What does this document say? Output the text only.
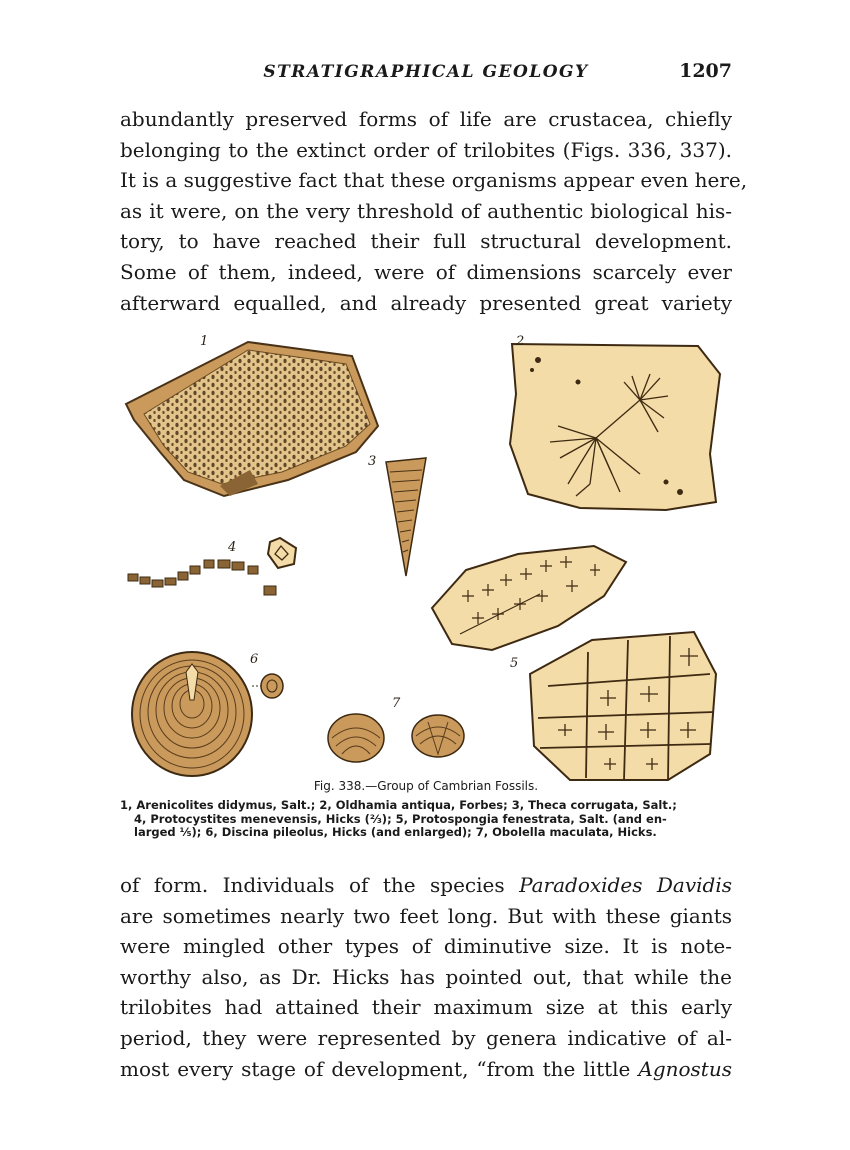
STRATIGRAPHICAL GEOLOGY	1207

abundantly preserved forms of life are crustacea, chiefly
belonging to the extinct order of trilobites (Figs. 336, 337).
It is a suggestive fact that these organisms appear even here,
as it were, on the very threshold of authentic biological his-
tory, to have reached their full structural development.
Some of them, indeed, were of dimensions scarcely ever
afterward equalled, and already presented great variety

1	2
3
4
5
6
7
Fig. 338.—Group of Cambrian Fossils.
1, Arenicolites didymus, Salt.; 2, Oldhamia antiqua, Forbes; 3, Theca corrugata, Salt.;
4, Protocystites menevensis, Hicks (⅔); 5, Protospongia fenestrata, Salt. (and en-
larged ⅕); 6, Discina pileolus, Hicks (and enlarged); 7, Obolella maculata, Hicks.

of form. Individuals of the species Paradoxides Davidis
are sometimes nearly two feet long. But with these giants
were mingled other types of diminutive size. It is note-
worthy also, as Dr. Hicks has pointed out, that while the
trilobites had attained their maximum size at this early
period, they were represented by genera indicative of al-
most every stage of development, “from the little Agnostus
